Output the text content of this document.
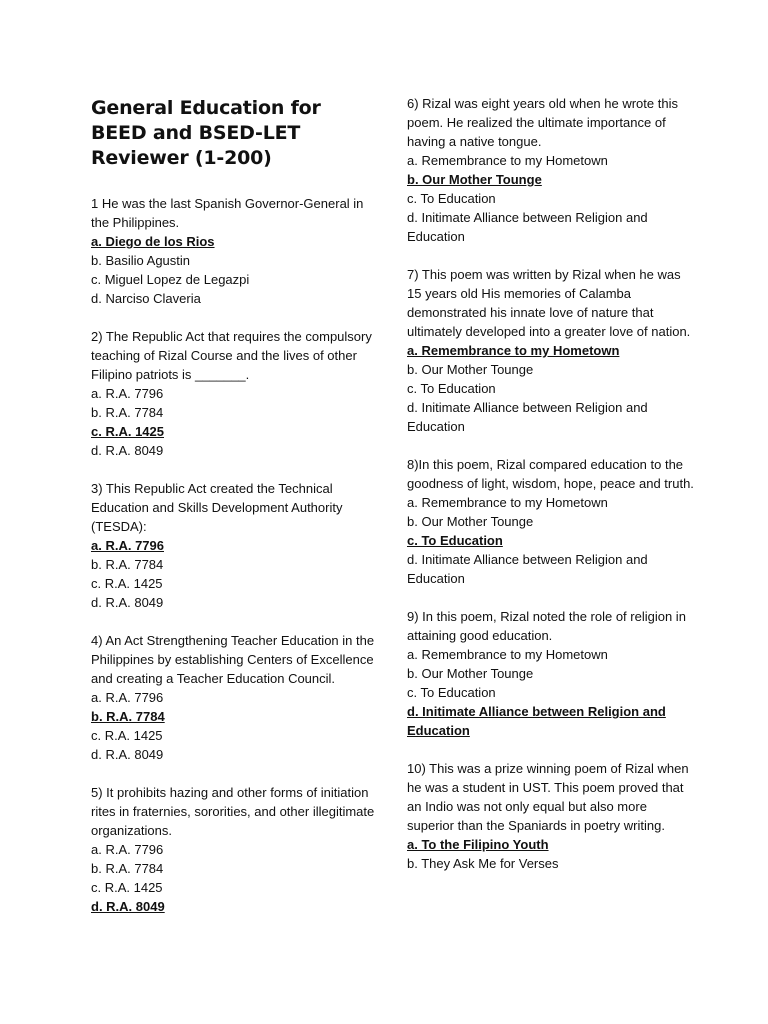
General Education for BEED and BSED-LET Reviewer (1-200)

1 He was the last Spanish Governor-General in the Philippines.

a. Diego de los Rios

b. Basilio Agustin

c. Miguel Lopez de Legazpi

d. Narciso Claveria

2) The Republic Act that requires the compulsory teaching of Rizal Course and the lives of other Filipino patriots is _______.

a. R.A. 7796

b. R.A. 7784

c. R.A. 1425

d. R.A. 8049

3) This Republic Act created the Technical Education and Skills Development Authority (TESDA):

a. R.A. 7796

b. R.A. 7784

c. R.A. 1425

d. R.A. 8049

4) An Act Strengthening Teacher Education in the Philippines by establishing Centers of Excellence and creating a Teacher Education Council.

a. R.A. 7796

b. R.A. 7784

c. R.A. 1425

d. R.A. 8049

5) It prohibits hazing and other forms of initiation rites in fraternies, sororities, and other illegitimate organizations.

a. R.A. 7796

b. R.A. 7784

c. R.A. 1425

d. R.A. 8049

6) Rizal was eight years old when he wrote this poem. He realized the ultimate importance of having a native tongue.

a. Remembrance to my Hometown

b. Our Mother Tounge

c. To Education

d. Initimate Alliance between Religion and Education

7) This poem was written by Rizal when he was 15 years old His memories of Calamba demonstrated his innate love of nature that ultimately developed into a greater love of nation.

a. Remembrance to my Hometown

b. Our Mother Tounge

c. To Education

d. Initimate Alliance between Religion and Education

8)In this poem, Rizal compared education to the goodness of light, wisdom, hope, peace and truth.

a. Remembrance to my Hometown

b. Our Mother Tounge

c. To Education

d. Initimate Alliance between Religion and Education

9) In this poem, Rizal noted the role of religion in attaining good education.

a. Remembrance to my Hometown

b. Our Mother Tounge

c. To Education

d. Initimate Alliance between Religion and Education

10) This was a prize winning poem of Rizal when he was a student in UST. This poem proved that an Indio was not only equal but also more superior than the Spaniards in poetry writing.

a. To the Filipino Youth

b. They Ask Me for Verses
